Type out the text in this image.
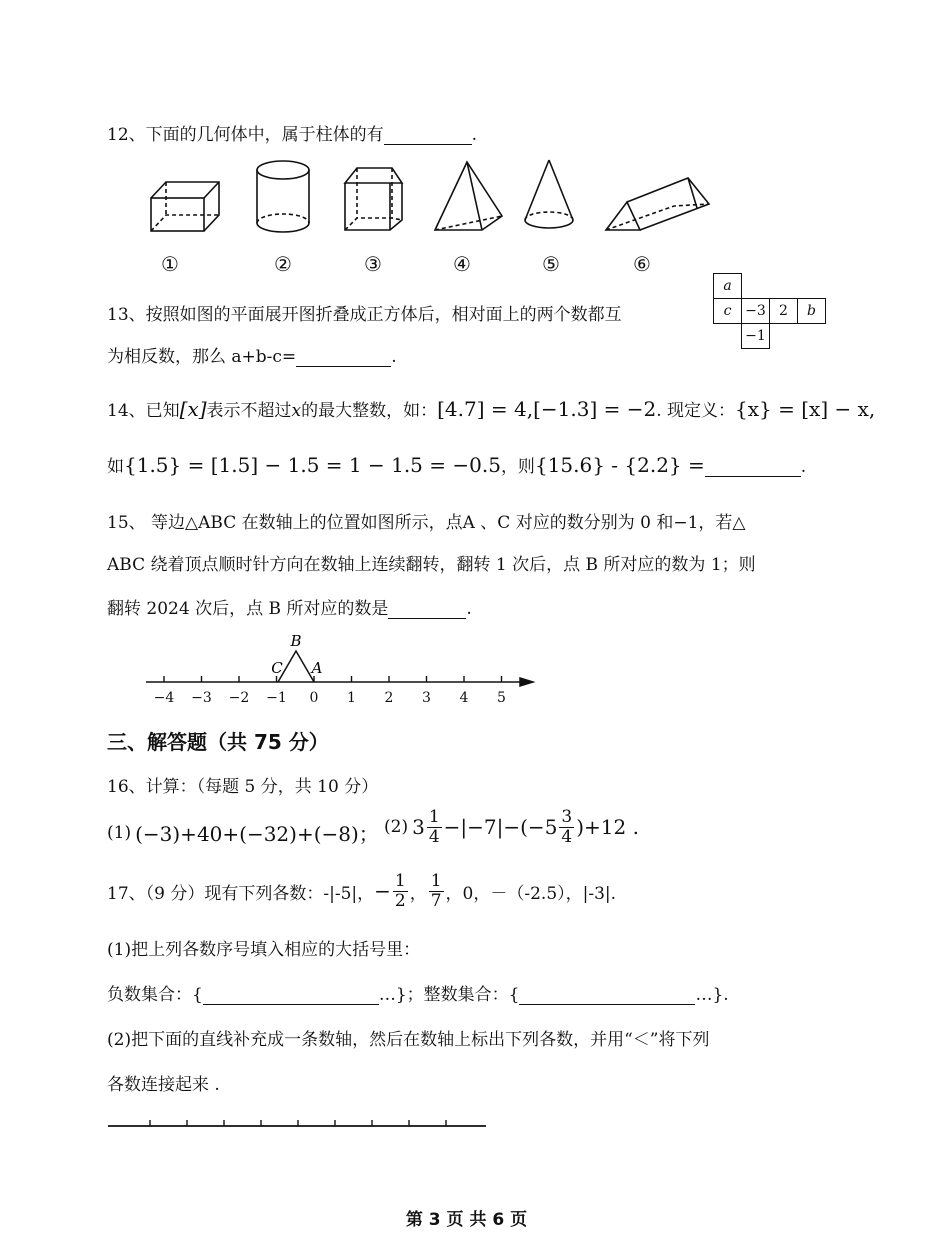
12、下面的几何体中，属于柱体的有	.
①	②	③	④	⑤	⑥
13、按照如图的平面展开图折叠成正方体后，相对面上的两个数都互
为相反数，那么 a+b-c=	.
a			
c	−3	2	b
	−1		
14、已知[x]表示不超过x的最大整数，如：[4.7] = 4,[−1.3] = −2. 现定义：{x} = [x] − x,
如{1.5} = [1.5] − 1.5 = 1 − 1.5 = −0.5，则{15.6} - {2.2} =	.
15、 等边△ABC 在数轴上的位置如图所示，点A 、C 对应的数分别为 0 和−1，若△
ABC 绕着顶点顺时针方向在数轴上连续翻转，翻转 1 次后，点 B 所对应的数为 1；则
翻转 2024 次后，点 B 所对应的数是	.
−4 −3 −2 −1 0 1 2 3 4 5
B
C A
三、解答题（共 75 分）
16、计算：（每题 5 分，共 10 分）
(1) (−3)+40+(−32)+(−8)； (2) $3 \frac{1}{4} -|-7|-(-5 \frac{3}{4} )+12$ .
17、（9 分）现有下列各数：-|-5|， − $\frac{1}{2}$ ， $\frac{1}{7}$ ，0，－（-2.5），|-3|.
(1)把上列各数序号填入相应的大括号里：
负数集合：{	…}；整数集合：{	…}.
(2)把下面的直线补充成一条数轴，然后在数轴上标出下列各数，并用“＜”将下列
各数连接起来 .
第 3 页 共 6 页
